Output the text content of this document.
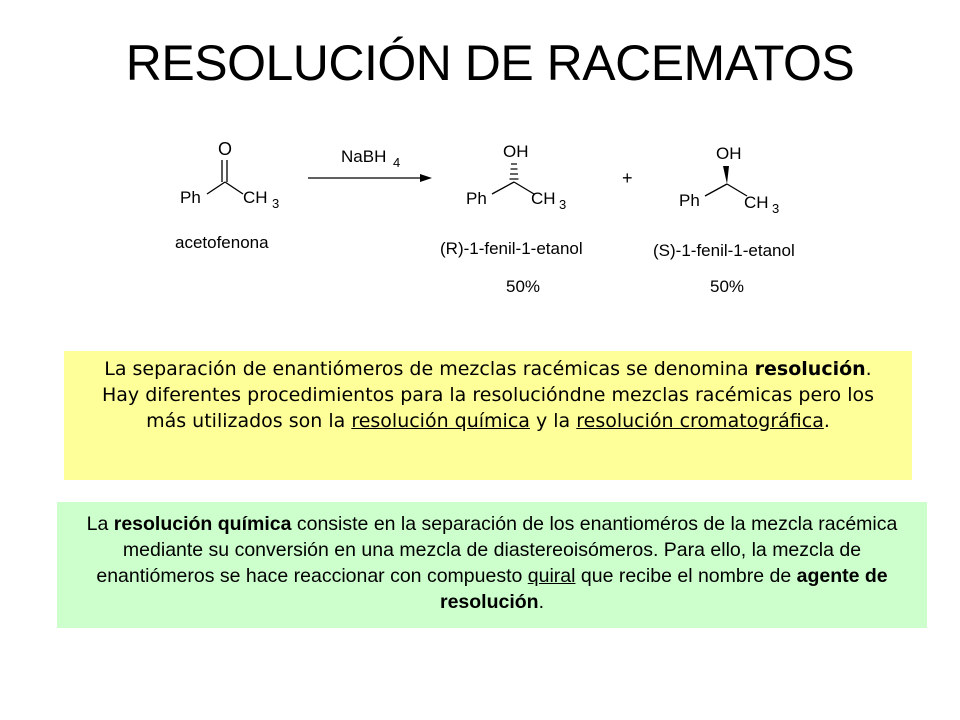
RESOLUCIÓN DE RACEMATOS
O
Ph CH 3
acetofenona
NaBH 4
OH
Ph	CH 3
(R)-1-fenil-1-etanol
50%
+
OH
Ph	CH 3
(S)-1-fenil-1-etanol
50%
La separación de enantiómeros de mezclas racémicas se denomina resolución. Hay diferentes procedimientos para la resolucióndne mezclas racémicas pero los más utilizados son la resolución química y la resolución cromatográfica.
La resolución química consiste en la separación de los enantioméros de la mezcla racémica mediante su conversión en una mezcla de diastereoisómeros. Para ello, la mezcla de enantiómeros se hace reaccionar con compuesto quiral que recibe el nombre de agente de resolución.
